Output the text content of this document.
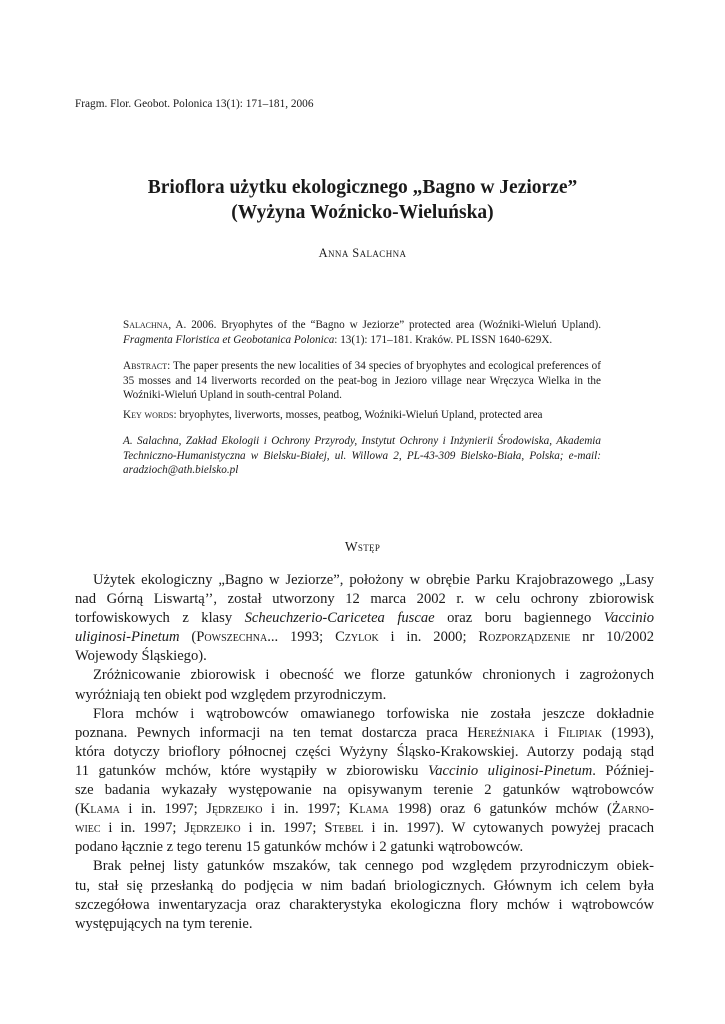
Fragm. Flor. Geobot. Polonica 13(1): 171–181, 2006
Brioflora użytku ekologicznego „Bagno w Jeziorze”
(Wyżyna Woźnicko-Wieluńska)
Anna Salachna

Salachna, A. 2006. Bryophytes of the “Bagno w Jeziorze” protected area (Woźniki-Wieluń Upland). Fragmenta Floristica et Geobotanica Polonica: 13(1): 171–181. Kraków. PL ISSN 1640-629X.

Abstract: The paper presents the new localities of 34 species of bryophytes and ecological preferences of 35 mosses and 14 liverworts recorded on the peat-bog in Jezioro village near Wręczyca Wielka in the Woźniki-Wieluń Upland in south-central Poland.

Key words: bryophytes, liverworts, mosses, peatbog, Woźniki-Wieluń Upland, protected area

A. Salachna, Zakład Ekologii i Ochrony Przyrody, Instytut Ochrony i Inżynierii Środowiska, Akademia Techniczno-Humanistyczna w Bielsku-Białej, ul. Willowa 2, PL-43-309 Bielsko-Biała, Polska; e-mail: aradzioch@ath.bielsko.pl

Wstęp
Użytek ekologiczny „Bagno w Jeziorze”, położony w obrębie Parku Krajobrazowego „Lasy
nad Górną Liswartą’’, został utworzony 12 marca 2002 r. w celu ochrony zbiorowisk
torfowiskowych z klasy Scheuchzerio-Caricetea fuscae oraz boru bagiennego Vaccinio
uliginosi-Pinetum (Powszechna... 1993; Czylok i in. 2000; Rozporządzenie nr 10/2002
Wojewody Śląskiego).
Zróżnicowanie zbiorowisk i obecność we florze gatunków chronionych i zagrożonych
wyróżniają ten obiekt pod względem przyrodniczym.
Flora mchów i wątrobowców omawianego torfowiska nie została jeszcze dokładnie
poznana. Pewnych informacji na ten temat dostarcza praca Hereźniaka i Filipiak (1993),
która dotyczy brioflory północnej części Wyżyny Śląsko-Krakowskiej. Autorzy podają stąd
11 gatunków mchów, które wystąpiły w zbiorowisku Vaccinio uliginosi-Pinetum. Później-
sze badania wykazały występowanie na opisywanym terenie 2 gatunków wątrobowców
(Klama i in. 1997; Jędrzejko i in. 1997; Klama 1998) oraz 6 gatunków mchów (Żarno-
wiec i in. 1997; Jędrzejko i in. 1997; Stebel i in. 1997). W cytowanych powyżej pracach
podano łącznie z tego terenu 15 gatunków mchów i 2 gatunki wątrobowców.
Brak pełnej listy gatunków mszaków, tak cennego pod względem przyrodniczym obiek-
tu, stał się przesłanką do podjęcia w nim badań briologicznych. Głównym ich celem była
szczegółowa inwentaryzacja oraz charakterystyka ekologiczna flory mchów i wątrobowców
występujących na tym terenie.
